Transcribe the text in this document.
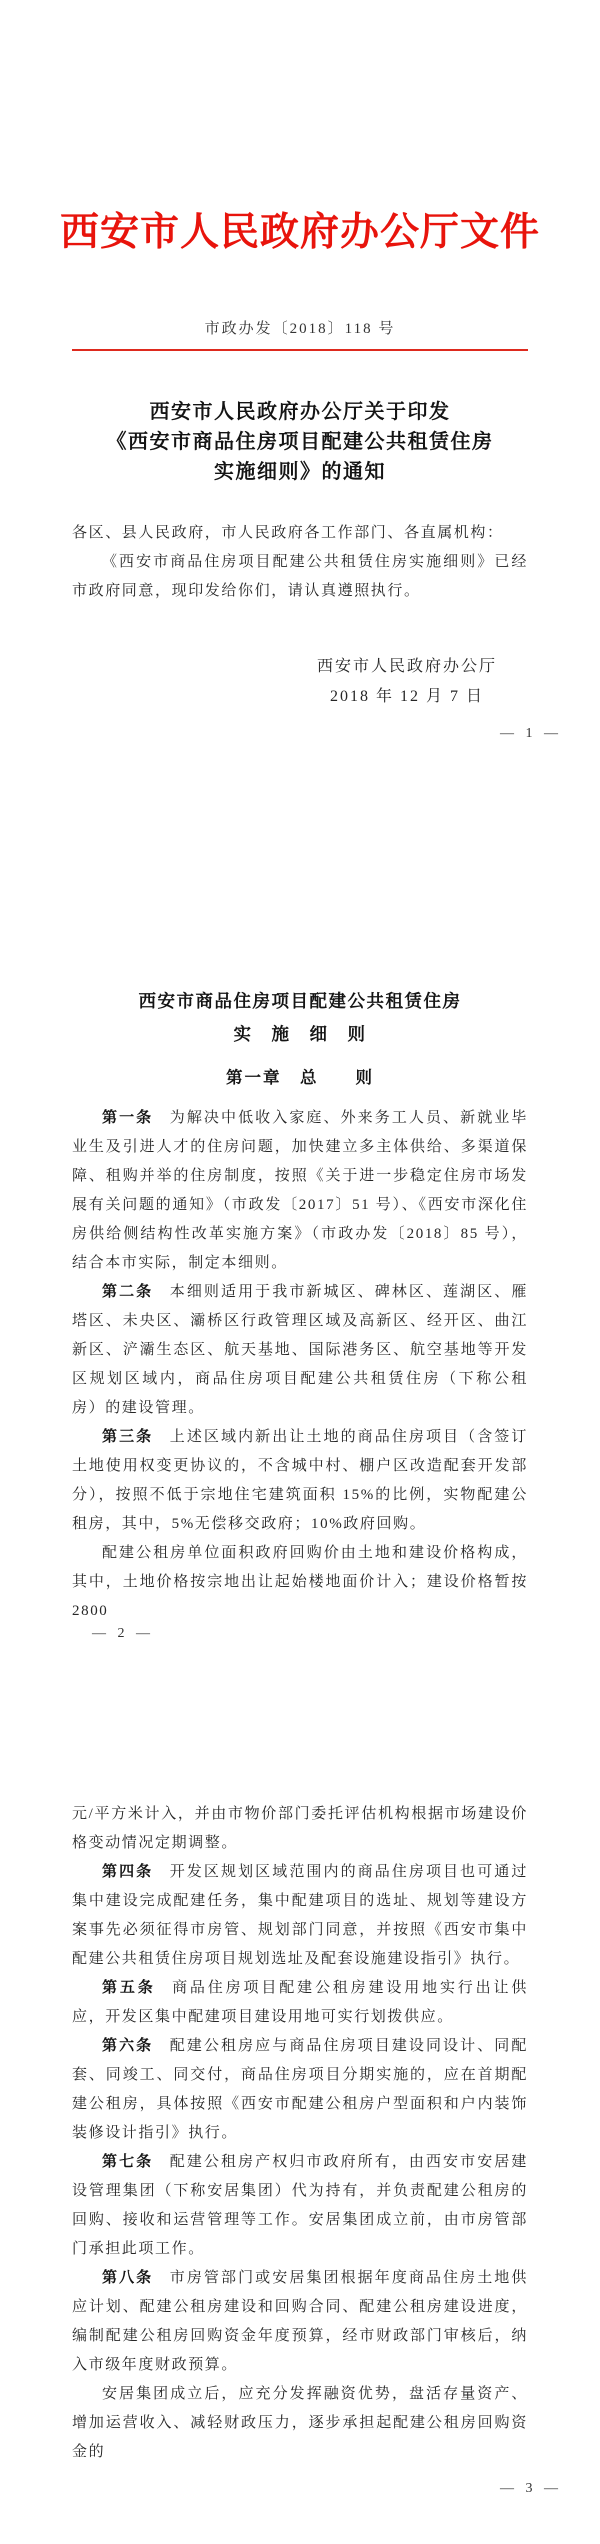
西安市人民政府办公厅文件
市政办发〔2018〕118 号
西安市人民政府办公厅关于印发
《西安市商品住房项目配建公共租赁住房
实施细则》的通知

各区、县人民政府，市人民政府各工作部门、各直属机构：

《西安市商品住房项目配建公共租赁住房实施细则》已经市政府同意，现印发给你们，请认真遵照执行。

西安市人民政府办公厅
2018 年 12 月 7 日
— 1 —
西安市商品住房项目配建公共租赁住房
实　施　细　则
第一章　总　　则

第一条 为解决中低收入家庭、外来务工人员、新就业毕业生及引进人才的住房问题，加快建立多主体供给、多渠道保障、租购并举的住房制度，按照《关于进一步稳定住房市场发展有关问题的通知》（市政发〔2017〕51 号）、《西安市深化住房供给侧结构性改革实施方案》（市政办发〔2018〕85 号），结合本市实际，制定本细则。

第二条 本细则适用于我市新城区、碑林区、莲湖区、雁塔区、未央区、灞桥区行政管理区域及高新区、经开区、曲江新区、浐灞生态区、航天基地、国际港务区、航空基地等开发区规划区域内，商品住房项目配建公共租赁住房（下称公租房）的建设管理。

第三条 上述区域内新出让土地的商品住房项目（含签订土地使用权变更协议的，不含城中村、棚户区改造配套开发部分），按照不低于宗地住宅建筑面积 15%的比例，实物配建公租房，其中，5%无偿移交政府；10%政府回购。

配建公租房单位面积政府回购价由土地和建设价格构成，其中，土地价格按宗地出让起始楼地面价计入；建设价格暂按 2800

— 2 —

元/平方米计入，并由市物价部门委托评估机构根据市场建设价格变动情况定期调整。

第四条 开发区规划区域范围内的商品住房项目也可通过集中建设完成配建任务，集中配建项目的选址、规划等建设方案事先必须征得市房管、规划部门同意，并按照《西安市集中配建公共租赁住房项目规划选址及配套设施建设指引》执行。

第五条 商品住房项目配建公租房建设用地实行出让供应，开发区集中配建项目建设用地可实行划拨供应。

第六条 配建公租房应与商品住房项目建设同设计、同配套、同竣工、同交付，商品住房项目分期实施的，应在首期配建公租房，具体按照《西安市配建公租房户型面积和户内装饰装修设计指引》执行。

第七条 配建公租房产权归市政府所有，由西安市安居建设管理集团（下称安居集团）代为持有，并负责配建公租房的回购、接收和运营管理等工作。安居集团成立前，由市房管部门承担此项工作。

第八条 市房管部门或安居集团根据年度商品住房土地供应计划、配建公租房建设和回购合同、配建公租房建设进度，编制配建公租房回购资金年度预算，经市财政部门审核后，纳入市级年度财政预算。

安居集团成立后，应充分发挥融资优势，盘活存量资产、增加运营收入、减轻财政压力，逐步承担起配建公租房回购资金的

— 3 —
